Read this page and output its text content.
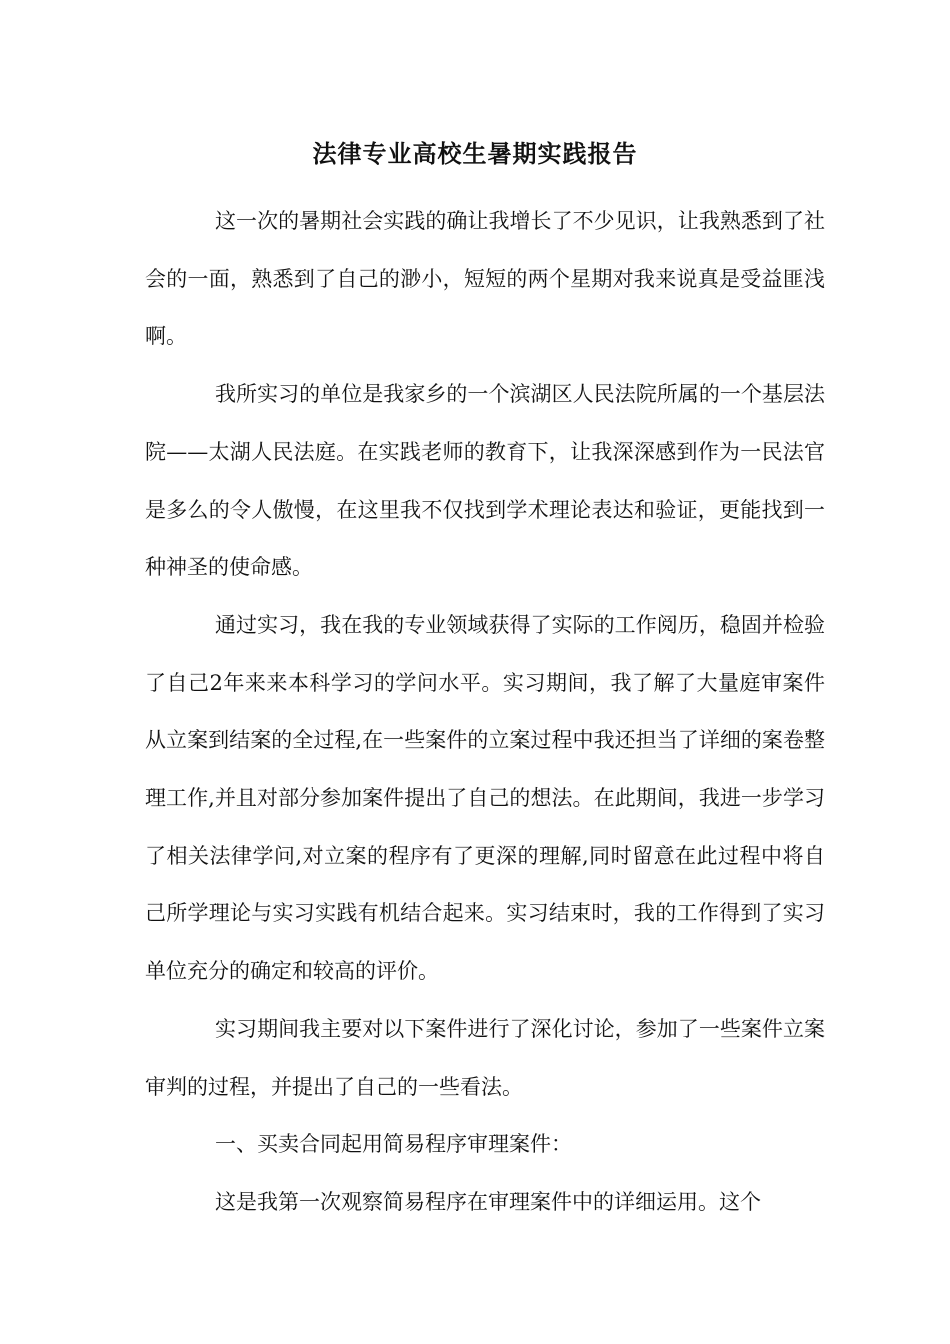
法律专业高校生暑期实践报告

这一次的暑期社会实践的确让我增长了不少见识，让我熟悉到了社会的一面，熟悉到了自己的渺小，短短的两个星期对我来说真是受益匪浅啊。

我所实习的单位是我家乡的一个滨湖区人民法院所属的一个基层法院——太湖人民法庭。在实践老师的教育下，让我深深感到作为一民法官是多么的令人傲慢，在这里我不仅找到学术理论表达和验证，更能找到一种神圣的使命感。

通过实习，我在我的专业领域获得了实际的工作阅历，稳固并检验了自己2年来来本科学习的学问水平。实习期间，我了解了大量庭审案件从立案到结案的全过程,在一些案件的立案过程中我还担当了详细的案卷整理工作,并且对部分参加案件提出了自己的想法。在此期间，我进一步学习了相关法律学问,对立案的程序有了更深的理解,同时留意在此过程中将自己所学理论与实习实践有机结合起来。实习结束时，我的工作得到了实习单位充分的确定和较高的评价。

实习期间我主要对以下案件进行了深化讨论，参加了一些案件立案审判的过程，并提出了自己的一些看法。

一、买卖合同起用简易程序审理案件：

这是我第一次观察简易程序在审理案件中的详细运用。这个
